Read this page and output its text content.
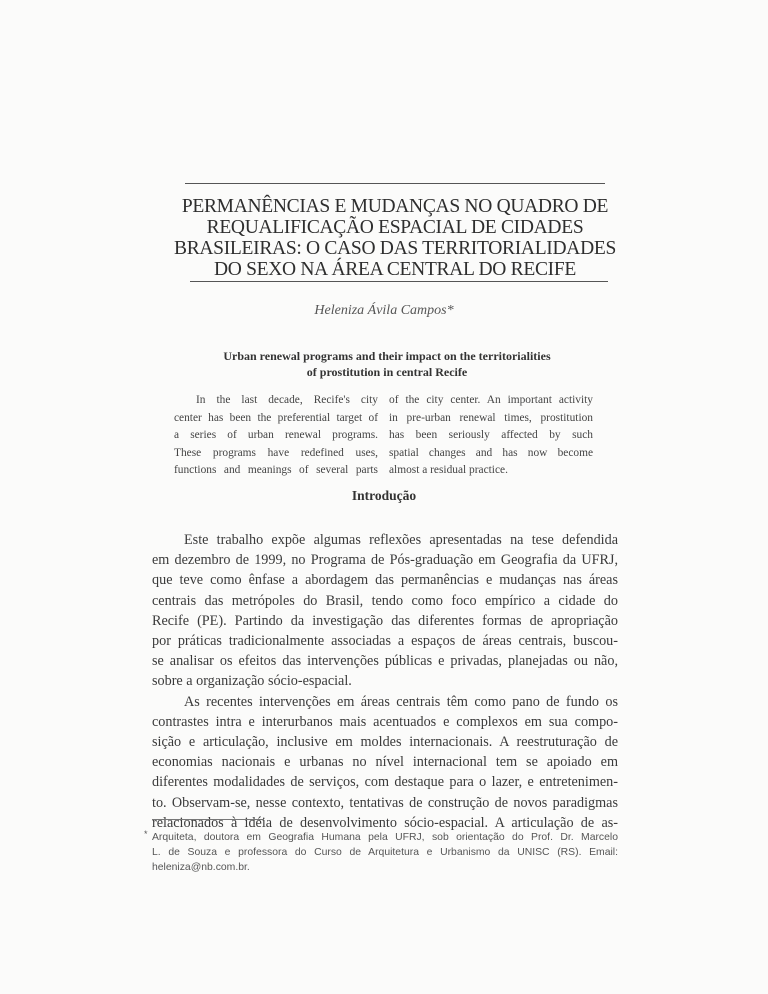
PERMANÊNCIAS E MUDANÇAS NO QUADRO DE
REQUALIFICAÇÃO ESPACIAL DE CIDADES
BRASILEIRAS: O CASO DAS TERRITORIALIDADES
DO SEXO NA ÁREA CENTRAL DO RECIFE
Heleniza Ávila Campos*
Urban renewal programs and their impact on the territorialities
of prostitution in central Recife
In the last decade, Recife's city
center has been the preferential target of
a series of urban renewal programs.
These programs have redefined uses,
functions and meanings of several parts
of the city center. An important activity
in pre-urban renewal times, prostitution
has been seriously affected by such
spatial changes and has now become
almost a residual practice.
Introdução
Este trabalho expõe algumas reflexões apresentadas na tese defendida
em dezembro de 1999, no Programa de Pós-graduação em Geografia da UFRJ,
que teve como ênfase a abordagem das permanências e mudanças nas áreas
centrais das metrópoles do Brasil, tendo como foco empírico a cidade do
Recife (PE). Partindo da investigação das diferentes formas de apropriação
por práticas tradicionalmente associadas a espaços de áreas centrais, buscou-
se analisar os efeitos das intervenções públicas e privadas, planejadas ou não,
sobre a organização sócio-espacial.
As recentes intervenções em áreas centrais têm como pano de fundo os
contrastes intra e interurbanos mais acentuados e complexos em sua compo-
sição e articulação, inclusive em moldes internacionais. A reestruturação de
economias nacionais e urbanas no nível internacional tem se apoiado em
diferentes modalidades de serviços, com destaque para o lazer, e entretenimen-
to. Observam-se, nesse contexto, tentativas de construção de novos paradigmas
relacionados à idéia de desenvolvimento sócio-espacial. A articulação de as-
* Arquiteta, doutora em Geografia Humana pela UFRJ, sob orientação do Prof. Dr. Marcelo
L. de Souza e professora do Curso de Arquitetura e Urbanismo da UNISC (RS). Email:
heleniza@nb.com.br.
